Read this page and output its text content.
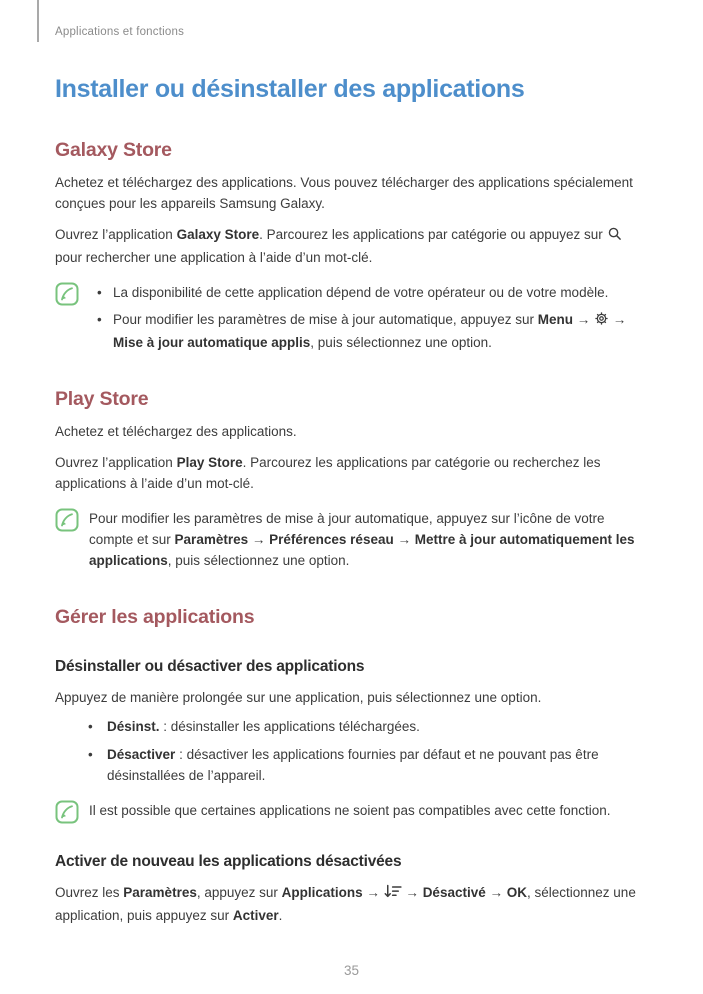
Applications et fonctions
Installer ou désinstaller des applications
Galaxy Store

Achetez et téléchargez des applications. Vous pouvez télécharger des applications spécialement conçues pour les appareils Samsung Galaxy.

Ouvrez l’application Galaxy Store. Parcourez les applications par catégorie ou appuyez sur  pour rechercher une application à l’aide d’un mot-clé.

• La disponibilité de cette application dépend de votre opérateur ou de votre modèle.
• Pour modifier les paramètres de mise à jour automatique, appuyez sur Menu →  → Mise à jour automatique applis, puis sélectionnez une option.
Play Store

Achetez et téléchargez des applications.

Ouvrez l’application Play Store. Parcourez les applications par catégorie ou recherchez les applications à l’aide d’un mot-clé.

Pour modifier les paramètres de mise à jour automatique, appuyez sur l’icône de votre compte et sur Paramètres → Préférences réseau → Mettre à jour automatiquement les applications, puis sélectionnez une option.
Gérer les applications
Désinstaller ou désactiver des applications

Appuyez de manière prolongée sur une application, puis sélectionnez une option.

• Désinst. : désinstaller les applications téléchargées.
• Désactiver : désactiver les applications fournies par défaut et ne pouvant pas être désinstallées de l’appareil.
Il est possible que certaines applications ne soient pas compatibles avec cette fonction.
Activer de nouveau les applications désactivées

Ouvrez les Paramètres, appuyez sur Applications →  → Désactivé → OK, sélectionnez une application, puis appuyez sur Activer.

35
